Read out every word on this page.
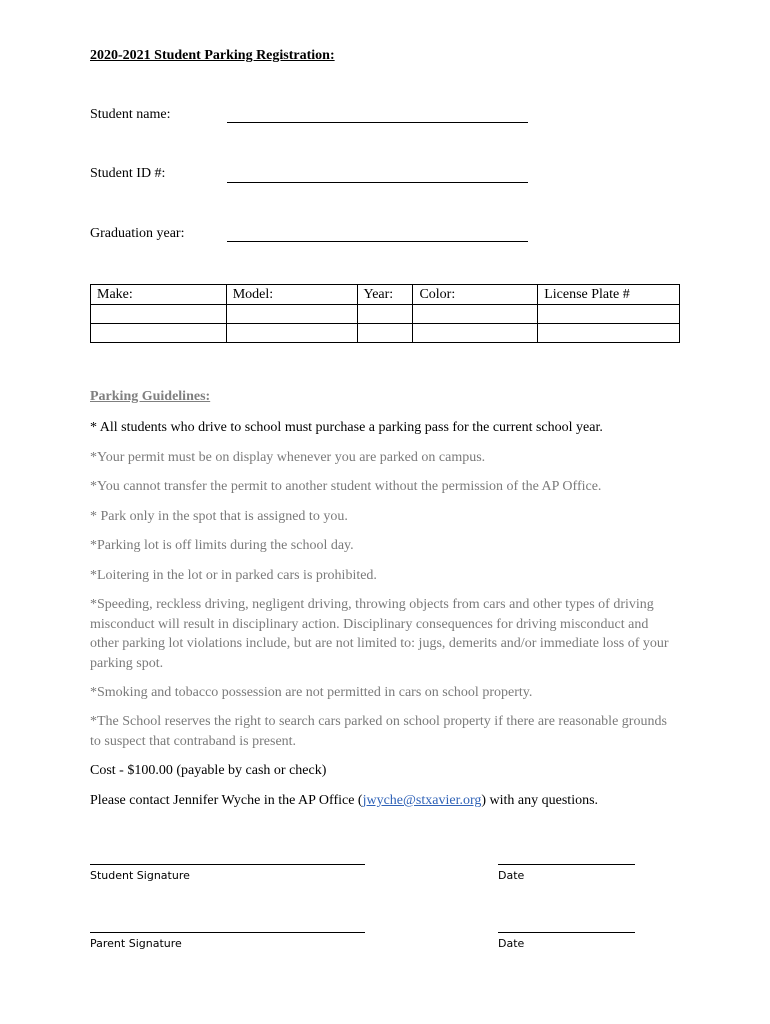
2020-2021 Student Parking Registration:
Student name:
Student ID #:
Graduation year:
Make:	Model:	Year:	Color:	License Plate #

Parking Guidelines:
* All students who drive to school must purchase a parking pass for the current school year.
*Your permit must be on display whenever you are parked on campus.
*You cannot transfer the permit to another student without the permission of the AP Office.
* Park only in the spot that is assigned to you.
*Parking lot is off limits during the school day.
*Loitering in the lot or in parked cars is prohibited.
*Speeding, reckless driving, negligent driving, throwing objects from cars and other types of driving misconduct will result in disciplinary action. Disciplinary consequences for driving misconduct and other parking lot violations include, but are not limited to: jugs, demerits and/or immediate loss of your parking spot.
*Smoking and tobacco possession are not permitted in cars on school property.
*The School reserves the right to search cars parked on school property if there are reasonable grounds to suspect that contraband is present.
Cost - $100.00 (payable by cash or check)
Please contact Jennifer Wyche in the AP Office (jwyche@stxavier.org) with any questions.
Student Signature	Date
Parent Signature	Date
